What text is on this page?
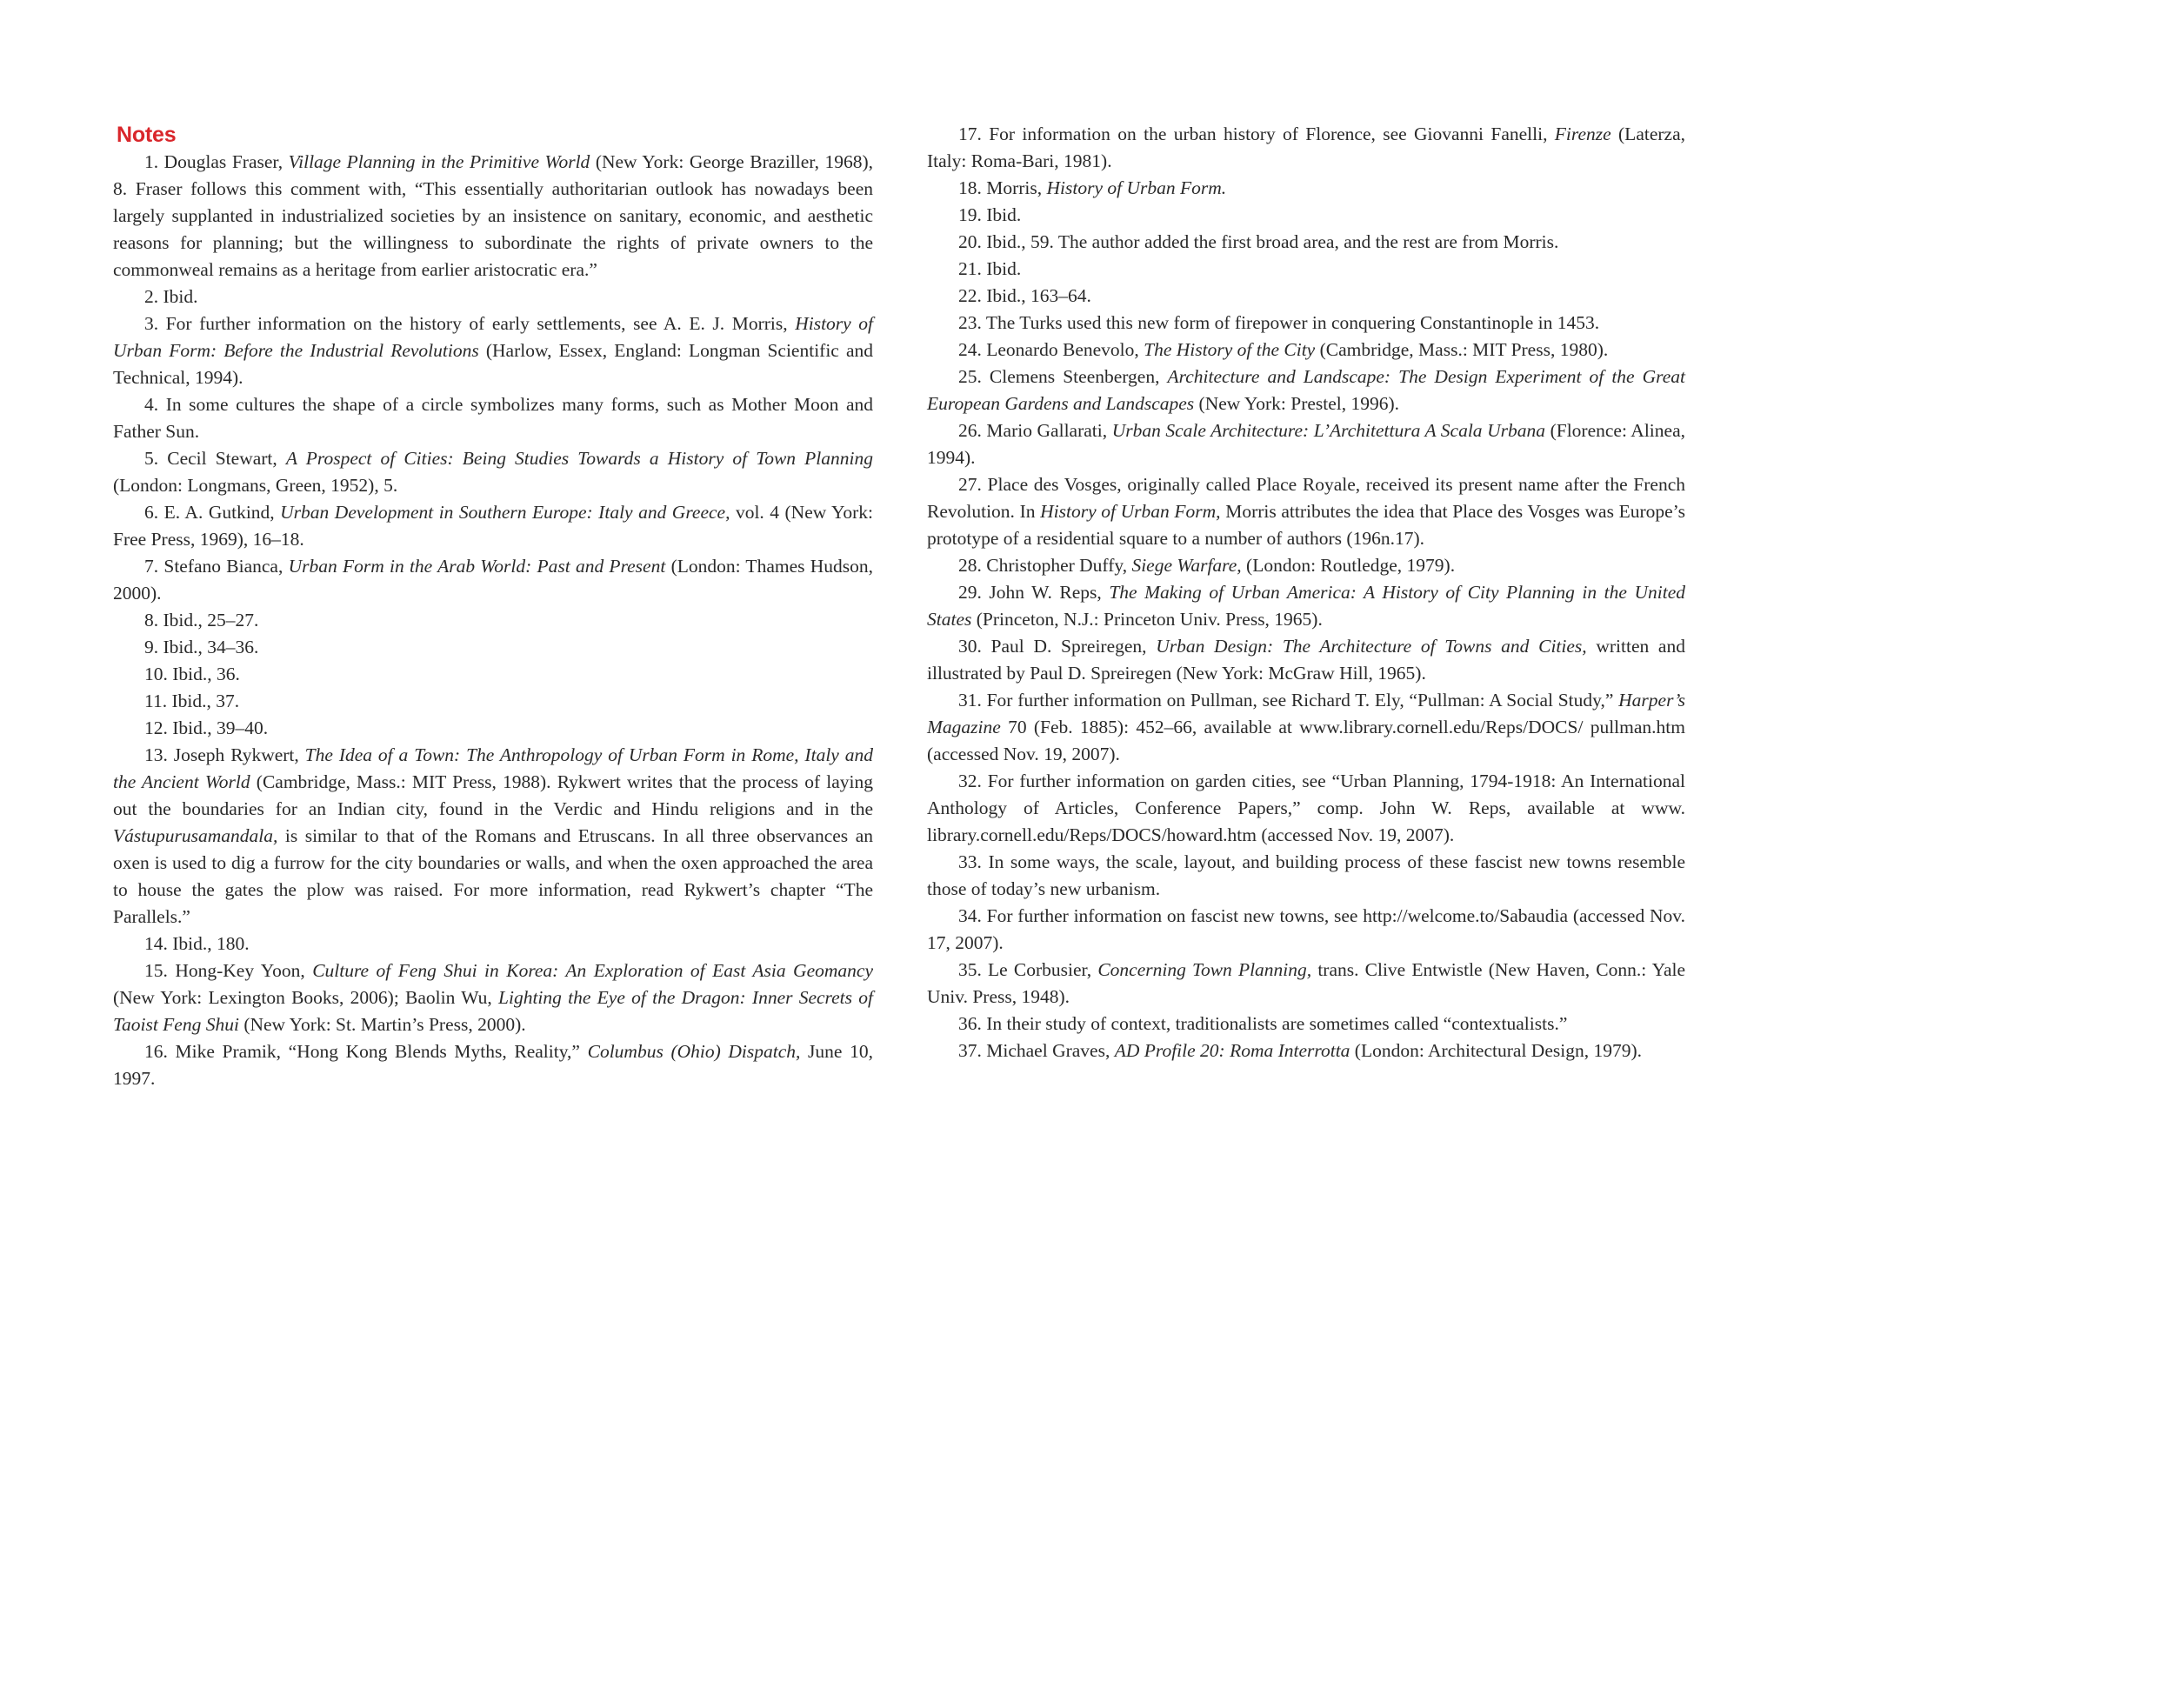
Notes

1. Douglas Fraser, Village Planning in the Primitive World (New York: George Braziller, 1968), 8. Fraser follows this comment with, “This essentially authoritarian outlook has nowadays been largely supplanted in industrialized societies by an insistence on sanitary, economic, and aesthetic reasons for planning; but the willingness to subordinate the rights of private owners to the commonweal remains as a heritage from earlier aristocratic era.”

2. Ibid.

3. For further information on the history of early settlements, see A. E. J. Morris, History of Urban Form: Before the Industrial Revolutions (Harlow, Essex, England: Longman Scientific and Technical, 1994).

4. In some cultures the shape of a circle symbolizes many forms, such as Mother Moon and Father Sun.

5. Cecil Stewart, A Prospect of Cities: Being Studies Towards a History of Town Planning (London: Longmans, Green, 1952), 5.

6. E. A. Gutkind, Urban Development in Southern Europe: Italy and Greece, vol. 4 (New York: Free Press, 1969), 16–18.

7. Stefano Bianca, Urban Form in the Arab World: Past and Present (London: Thames Hudson, 2000).

8. Ibid., 25–27.

9. Ibid., 34–36.

10. Ibid., 36.

11. Ibid., 37.

12. Ibid., 39–40.

13. Joseph Rykwert, The Idea of a Town: The Anthropology of Urban Form in Rome, Italy and the Ancient World (Cambridge, Mass.: MIT Press, 1988). Rykwert writes that the process of laying out the boundaries for an Indian city, found in the Verdic and Hindu religions and in the Vástupurusamandala, is similar to that of the Romans and Etruscans. In all three observances an oxen is used to dig a furrow for the city boundaries or walls, and when the oxen approached the area to house the gates the plow was raised. For more information, read Rykwert’s chapter “The Parallels.”

14. Ibid., 180.

15. Hong-Key Yoon, Culture of Feng Shui in Korea: An Exploration of East Asia Geomancy (New York: Lexington Books, 2006); Baolin Wu, Lighting the Eye of the Dragon: Inner Secrets of Taoist Feng Shui (New York: St. Martin’s Press, 2000).

16. Mike Pramik, “Hong Kong Blends Myths, Reality,” Columbus (Ohio) Dispatch, June 10, 1997.

17. For information on the urban history of Florence, see Giovanni Fanelli, Firenze (Laterza, Italy: Roma-Bari, 1981).

18. Morris, History of Urban Form.

19. Ibid.

20. Ibid., 59. The author added the first broad area, and the rest are from Morris.

21. Ibid.

22. Ibid., 163–64.

23. The Turks used this new form of firepower in conquering Constantinople in 1453.

24. Leonardo Benevolo, The History of the City (Cambridge, Mass.: MIT Press, 1980).

25. Clemens Steenbergen, Architecture and Landscape: The Design Experiment of the Great European Gardens and Landscapes (New York: Prestel, 1996).

26. Mario Gallarati, Urban Scale Architecture: L’Architettura A Scala Urbana (Florence: Alinea, 1994).

27. Place des Vosges, originally called Place Royale, received its present name after the French Revolution. In History of Urban Form, Morris attributes the idea that Place des Vosges was Europe’s prototype of a residential square to a number of authors (196n.17).

28. Christopher Duffy, Siege Warfare, (London: Routledge, 1979).

29. John W. Reps, The Making of Urban America: A History of City Planning in the United States (Princeton, N.J.: Princeton Univ. Press, 1965).

30. Paul D. Spreiregen, Urban Design: The Architecture of Towns and Cities, written and illustrated by Paul D. Spreiregen (New York: McGraw Hill, 1965).

31. For further information on Pullman, see Richard T. Ely, “Pullman: A Social Study,” Harper’s Magazine 70 (Feb. 1885): 452–66, available at www.library.cornell.edu/Reps/DOCS/ pullman.htm (accessed Nov. 19, 2007).

32. For further information on garden cities, see “Urban Planning, 1794-1918: An International Anthology of Articles, Conference Papers,” comp. John W. Reps, available at www. library.cornell.edu/Reps/DOCS/howard.htm (accessed Nov. 19, 2007).

33. In some ways, the scale, layout, and building process of these fascist new towns resemble those of today’s new urbanism.

34. For further information on fascist new towns, see http://welcome.to/Sabaudia (accessed Nov. 17, 2007).

35. Le Corbusier, Concerning Town Planning, trans. Clive Entwistle (New Haven, Conn.: Yale Univ. Press, 1948).

36. In their study of context, traditionalists are sometimes called “contextualists.”

37. Michael Graves, AD Profile 20: Roma Interrotta (London: Architectural Design, 1979).
